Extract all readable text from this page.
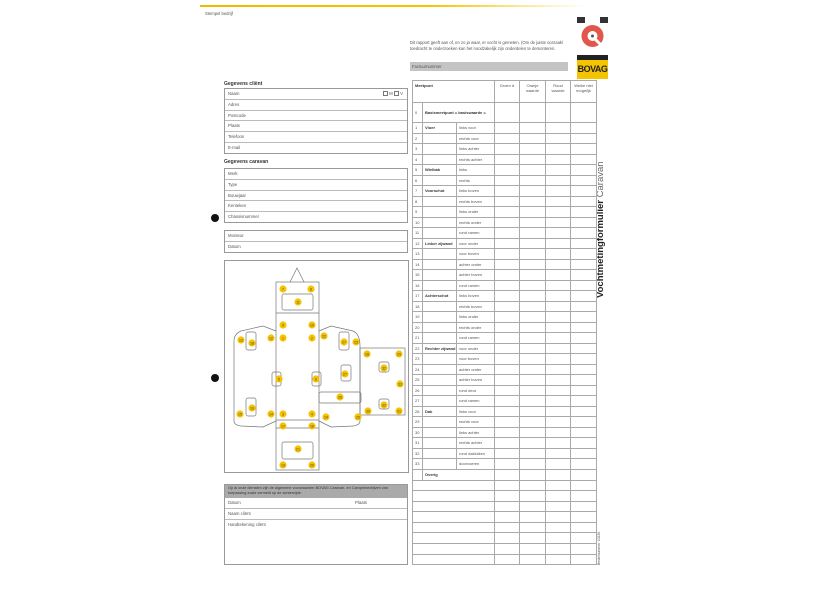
Stempel bedrijf
Dit rapport geeft aan of, en zo ja waar, er vocht is gemeten. (Om de juiste oorzaak/ toedracht te onderzoeken kan het noodzakelijk zijn onderdelen te demonteren.
Factuurnummer	BOVAG
Vochtmetingformulier Caravan
Gegevens cliënt
Naam	M V
Adres
Postcode
Plaats
Telefoon
E-mail
Gegevens caravan
Merk
Type
Bouwjaar
Kenteken
Chassisnummer
Monteur
Datum
7	8
11
9	10
13
18
12	1	2	22
27 23
28	29
32
5	6
27
33
26
32
15
16
14	3	4
24	25
30	31
17	18
21
19	20
Op al onze diensten zijn de algemene voorwaarden BOVAG Caravan- en Camperbedrijven van toepassing zoals vermeld op de achterzijde.
Datum	Plaats
Naam cliënt
Handtekening cliënt
Meetpunt			Groen ä	Oranje waarde	Rood waarde	Welke niet mogelijk
0	Basismeetpunt = basiswaarde =					
1	Vloer	links voor				
2		rechts voor				
3		links achter				
4		rechts achter				
5	Wielbak	links				
6		rechts				
7	Voorschot	links boven				
8		rechts boven				
9		links onder				
10		rechts onder				
11		rond ramen				
12	Linker zijwand	voor onder				
13		voor boven				
14		achter onder				
15		achter boven				
16		rond ramen				
17	Achterschot	links boven				
18		rechts boven				
19		links onder				
20		rechts onder				
21		rond ramen				
22	Rechter zijwand	voor onder				
23		voor boven				
24		achter onder				
25		achter boven				
26		rond deur				
27		rond ramen				
28	Dak	links voor				
29		rechts voor				
30		links achter				
31		rechts achter				
32		rond dakluiken				
33		doorvoeren				
	Overig					

Bestelnummer 10236
